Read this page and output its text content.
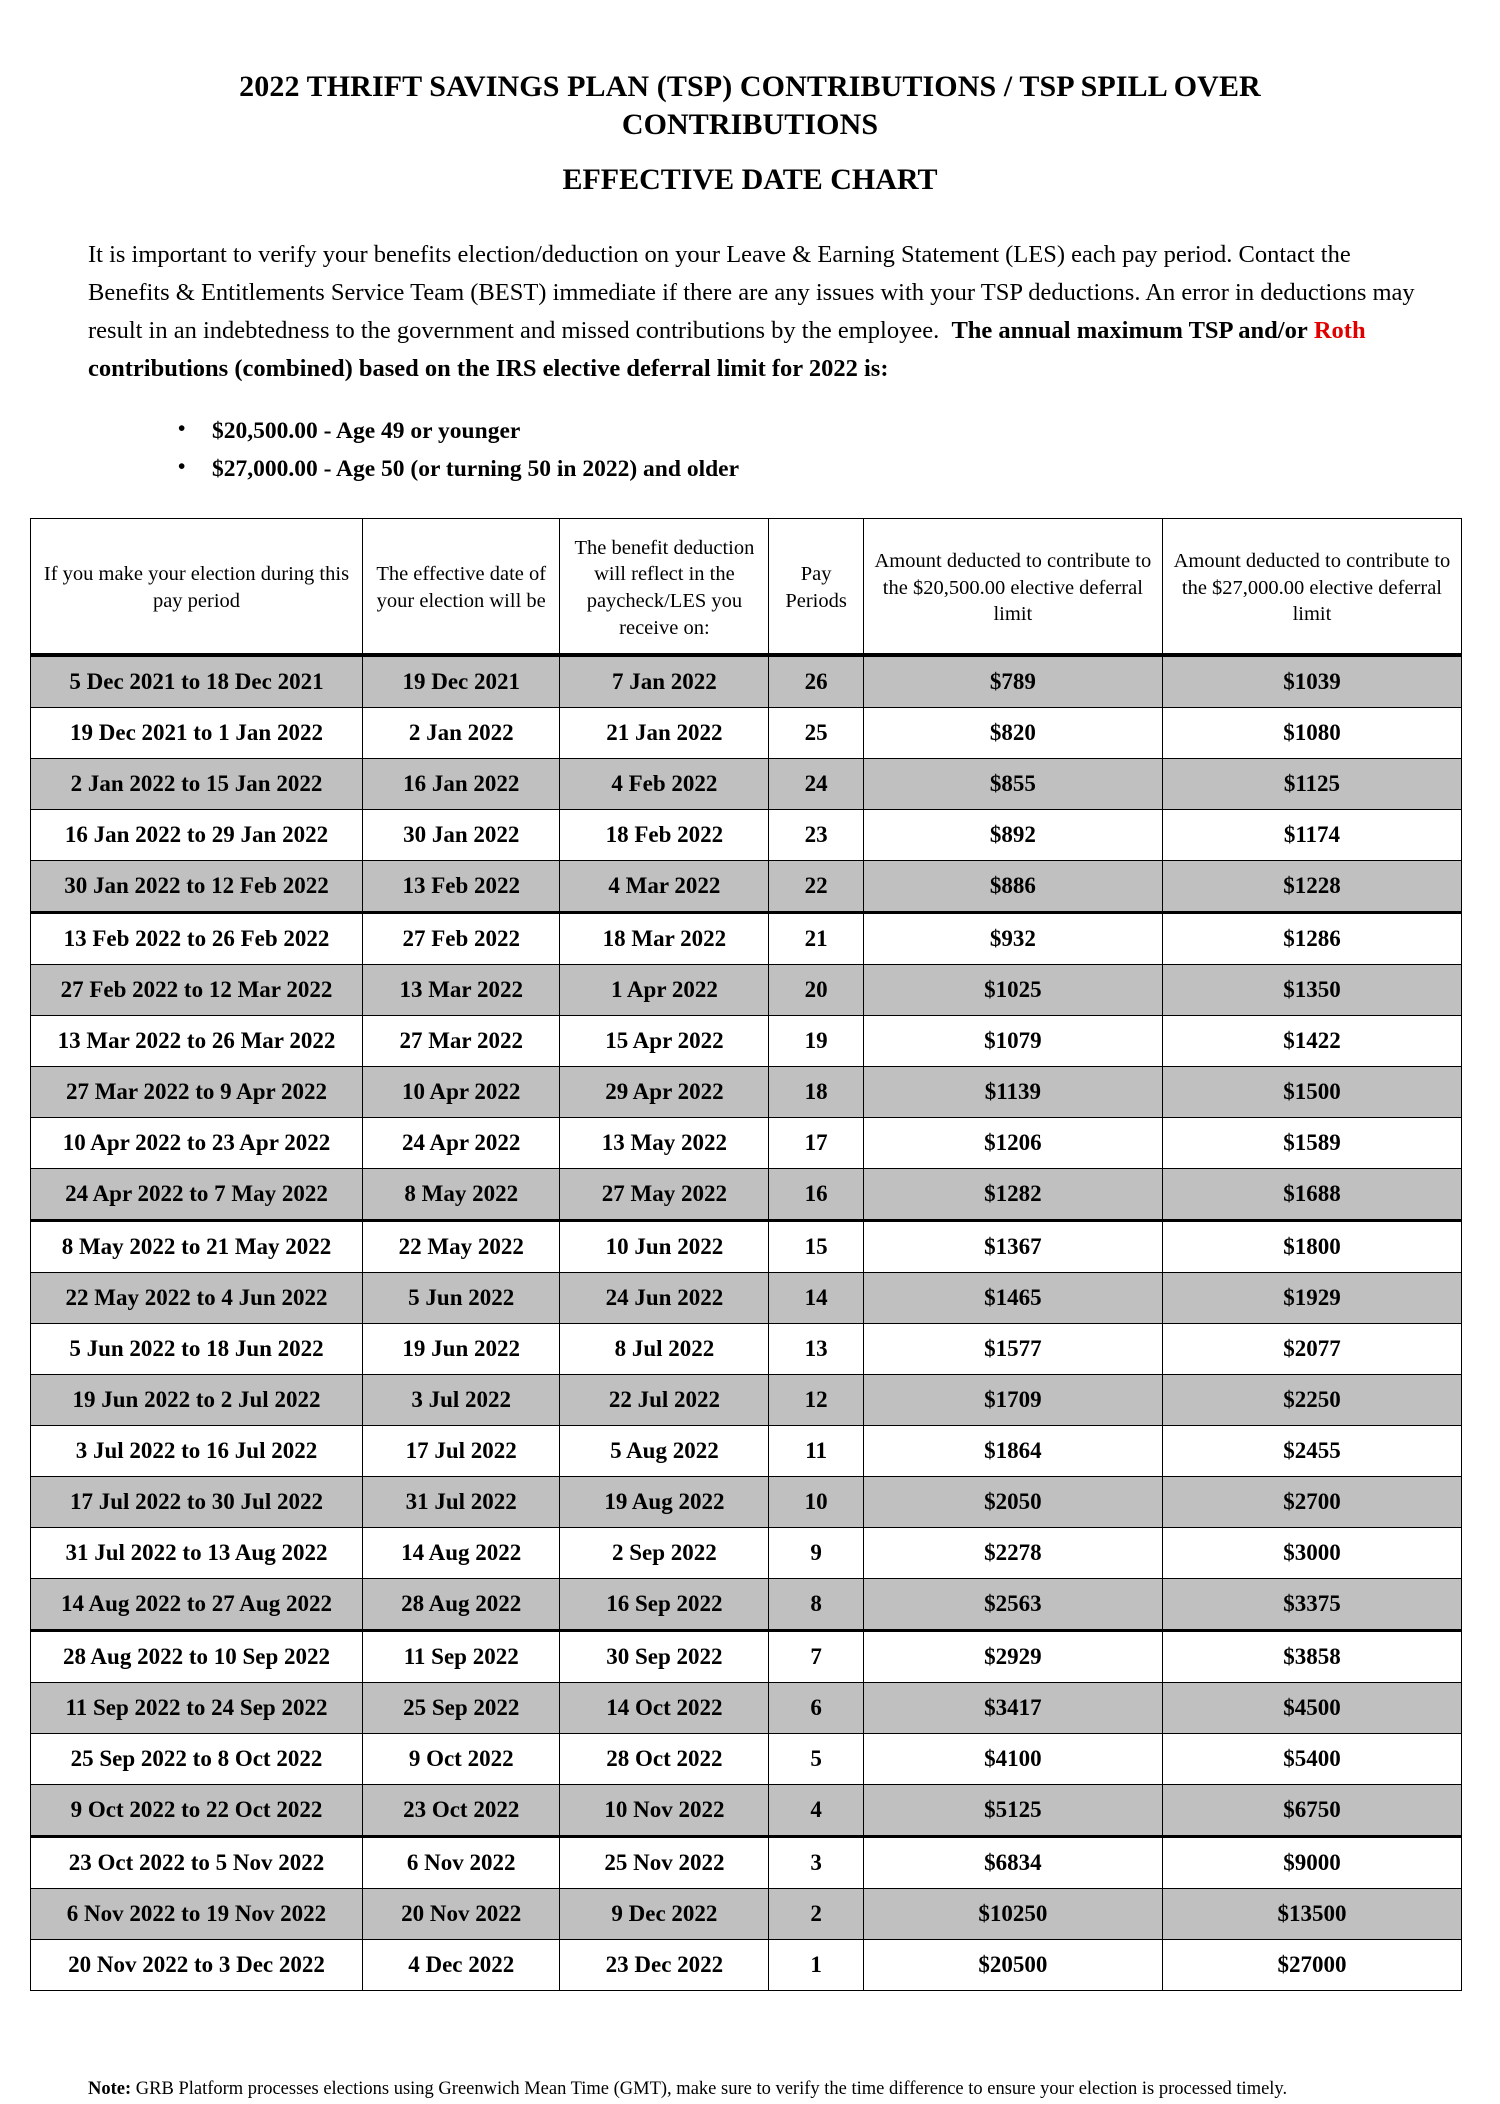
2022 THRIFT SAVINGS PLAN (TSP) CONTRIBUTIONS / TSP SPILL OVER CONTRIBUTIONS
EFFECTIVE DATE CHART

It is important to verify your benefits election/deduction on your Leave & Earning Statement (LES) each pay period. Contact the Benefits & Entitlements Service Team (BEST) immediate if there are any issues with your TSP deductions. An error in deductions may result in an indebtedness to the government and missed contributions by the employee. The annual maximum TSP and/or Roth contributions (combined) based on the IRS elective deferral limit for 2022 is:

• $20,500.00 - Age 49 or younger
• $27,000.00 - Age 50 (or turning 50 in 2022) and older
If you make your election during this pay period	The effective date of your election will be	The benefit deduction will reflect in the paycheck/LES you receive on:	Pay Periods	Amount deducted to contribute to the $20,500.00 elective deferral limit	Amount deducted to contribute to the $27,000.00 elective deferral limit
5 Dec 2021 to 18 Dec 2021	19 Dec 2021	7 Jan 2022	26	$789	$1039
19 Dec 2021 to 1 Jan 2022	2 Jan 2022	21 Jan 2022	25	$820	$1080
2 Jan 2022 to 15 Jan 2022	16 Jan 2022	4 Feb 2022	24	$855	$1125
16 Jan 2022 to 29 Jan 2022	30 Jan 2022	18 Feb 2022	23	$892	$1174
30 Jan 2022 to 12 Feb 2022	13 Feb 2022	4 Mar 2022	22	$886	$1228
13 Feb 2022 to 26 Feb 2022	27 Feb 2022	18 Mar 2022	21	$932	$1286
27 Feb 2022 to 12 Mar 2022	13 Mar 2022	1 Apr 2022	20	$1025	$1350
13 Mar 2022 to 26 Mar 2022	27 Mar 2022	15 Apr 2022	19	$1079	$1422
27 Mar 2022 to 9 Apr 2022	10 Apr 2022	29 Apr 2022	18	$1139	$1500
10 Apr 2022 to 23 Apr 2022	24 Apr 2022	13 May 2022	17	$1206	$1589
24 Apr 2022 to 7 May 2022	8 May 2022	27 May 2022	16	$1282	$1688
8 May 2022 to 21 May 2022	22 May 2022	10 Jun 2022	15	$1367	$1800
22 May 2022 to 4 Jun 2022	5 Jun 2022	24 Jun 2022	14	$1465	$1929
5 Jun 2022 to 18 Jun 2022	19 Jun 2022	8 Jul 2022	13	$1577	$2077
19 Jun 2022 to 2 Jul 2022	3 Jul 2022	22 Jul 2022	12	$1709	$2250
3 Jul 2022 to 16 Jul 2022	17 Jul 2022	5 Aug 2022	11	$1864	$2455
17 Jul 2022 to 30 Jul 2022	31 Jul 2022	19 Aug 2022	10	$2050	$2700
31 Jul 2022 to 13 Aug 2022	14 Aug 2022	2 Sep 2022	9	$2278	$3000
14 Aug 2022 to 27 Aug 2022	28 Aug 2022	16 Sep 2022	8	$2563	$3375
28 Aug 2022 to 10 Sep 2022	11 Sep 2022	30 Sep 2022	7	$2929	$3858
11 Sep 2022 to 24 Sep 2022	25 Sep 2022	14 Oct 2022	6	$3417	$4500
25 Sep 2022 to 8 Oct 2022	9 Oct 2022	28 Oct 2022	5	$4100	$5400
9 Oct 2022 to 22 Oct 2022	23 Oct 2022	10 Nov 2022	4	$5125	$6750
23 Oct 2022 to 5 Nov 2022	6 Nov 2022	25 Nov 2022	3	$6834	$9000
6 Nov 2022 to 19 Nov 2022	20 Nov 2022	9 Dec 2022	2	$10250	$13500
20 Nov 2022 to 3 Dec 2022	4 Dec 2022	23 Dec 2022	1	$20500	$27000

Note: GRB Platform processes elections using Greenwich Mean Time (GMT), make sure to verify the time difference to ensure your election is processed timely.
